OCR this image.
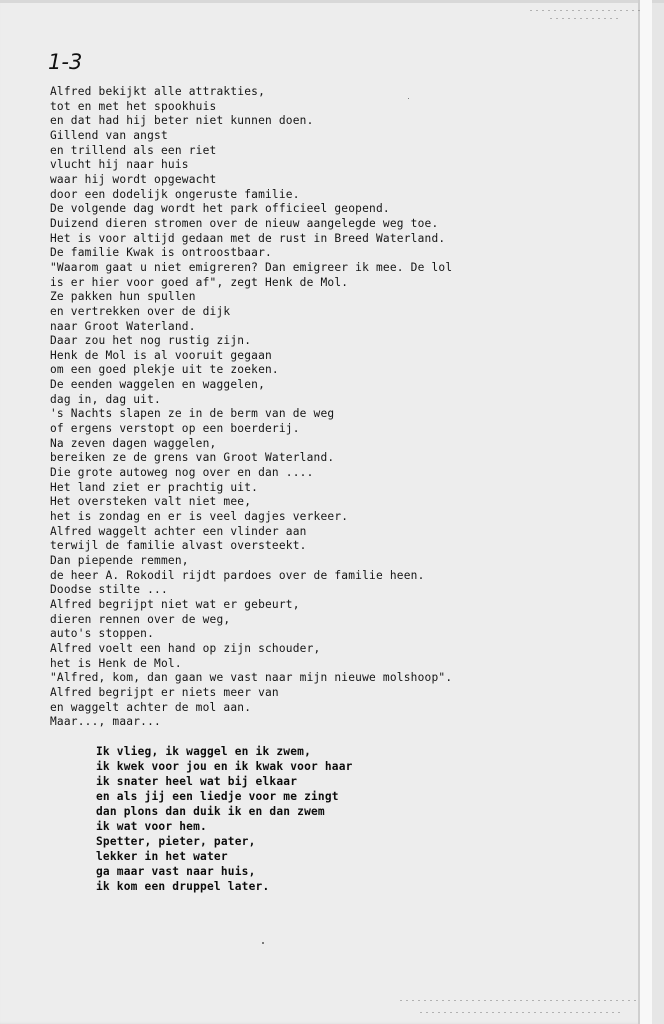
1-3

Alfred bekijkt alle attrakties,
tot en met het spookhuis
en dat had hij beter niet kunnen doen.
Gillend van angst
en trillend als een riet
vlucht hij naar huis
waar hij wordt opgewacht
door een dodelijk ongeruste familie.
De volgende dag wordt het park officieel geopend.
Duizend dieren stromen over de nieuw aangelegde weg toe.
Het is voor altijd gedaan met de rust in Breed Waterland.
De familie Kwak is ontroostbaar.
"Waarom gaat u niet emigreren? Dan emigreer ik mee. De lol
is er hier voor goed af", zegt Henk de Mol.
Ze pakken hun spullen
en vertrekken over de dijk
naar Groot Waterland.
Daar zou het nog rustig zijn.
Henk de Mol is al vooruit gegaan
om een goed plekje uit te zoeken.
De eenden waggelen en waggelen,
dag in, dag uit.
's Nachts slapen ze in de berm van de weg
of ergens verstopt op een boerderij.
Na zeven dagen waggelen,
bereiken ze de grens van Groot Waterland.
Die grote autoweg nog over en dan ....
Het land ziet er prachtig uit.
Het oversteken valt niet mee,
het is zondag en er is veel dagjes verkeer.
Alfred waggelt achter een vlinder aan
terwijl de familie alvast oversteekt.
Dan piepende remmen,
de heer A. Rokodil rijdt pardoes over de familie heen.
Doodse stilte ...
Alfred begrijpt niet wat er gebeurt,
dieren rennen over de weg,
auto's stoppen.
Alfred voelt een hand op zijn schouder,
het is Henk de Mol.
"Alfred, kom, dan gaan we vast naar mijn nieuwe molshoop".
Alfred begrijpt er niets meer van
en waggelt achter de mol aan.
Maar..., maar...
Ik vlieg, ik waggel en ik zwem,
ik kwek voor jou en ik kwak voor haar
ik snater heel wat bij elkaar
en als jij een liedje voor me zingt
dan plons dan duik ik en dan zwem
ik wat voor hem.
Spetter, pieter, pater,
lekker in het water
ga maar vast naar huis,
ik kom een druppel later.
